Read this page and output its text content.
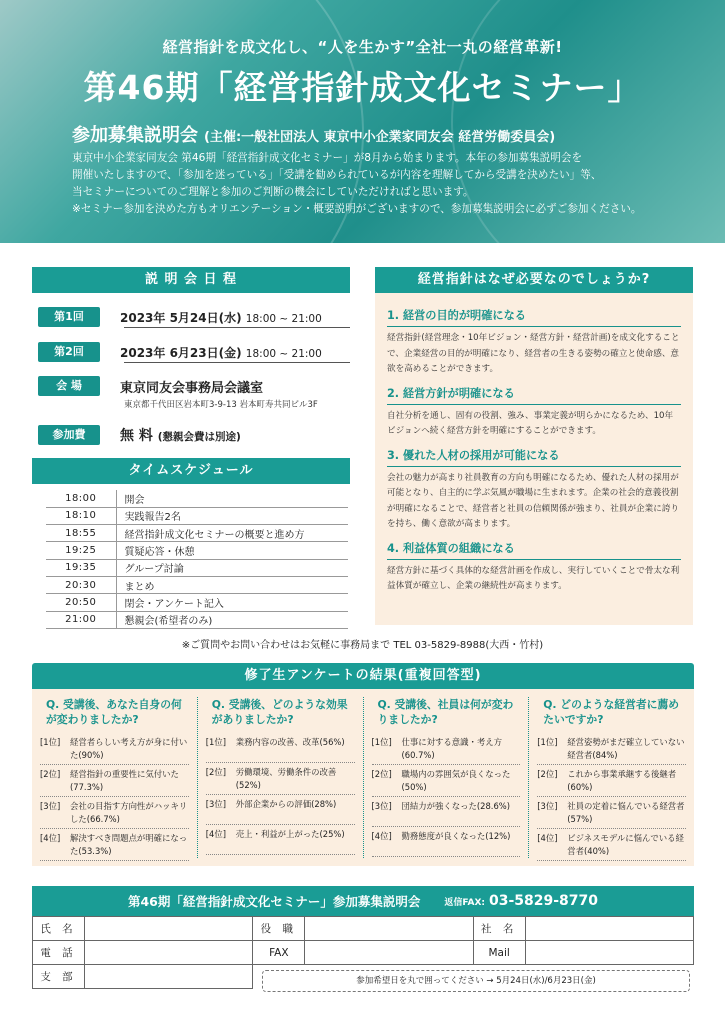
経営指針を成文化し、“人を生かす”全社一丸の経営革新!
第46期「経営指針成文化セミナー」
参加募集説明会 (主催:一般社団法人 東京中小企業家同友会 経営労働委員会)

東京中小企業家同友会 第46期「経営指針成文化セミナー」が8月から始まります。本年の参加募集説明会を

開催いたしますので、「参加を迷っている」「受講を勧められているが内容を理解してから受講を決めたい」等、

当セミナーについてのご理解と参加のご判断の機会にしていただければと思います。

※セミナー参加を決めた方もオリエンテーション・概要説明がございますので、参加募集説明会に必ずご参加ください。

説 明 会 日 程
第1回	2023年 5月24日(水) 18:00 ~ 21:00
第2回	2023年 6月23日(金) 18:00 ~ 21:00
会 場	東京同友会事務局会議室
東京都千代田区岩本町3-9-13 岩本町寿共同ビル3F
参加費	無 料 (懇親会費は別途)
タイムスケジュール
18:00	開会
18:10	実践報告2名
18:55	経営指針成文化セミナーの概要と進め方
19:25	質疑応答・休憩
19:35	グループ討論
20:30	まとめ
20:50	閉会・アンケート記入
21:00	懇親会(希望者のみ)
経営指針はなぜ必要なのでしょうか?
1. 経営の目的が明確になる

経営指針(経営理念・10年ビジョン・経営方針・経営計画)を成文化することで、企業経営の目的が明確になり、経営者の生きる姿勢の確立と使命感、意欲を高めることができます。

2. 経営方針が明確になる

自社分析を通し、固有の役割、強み、事業定義が明らかになるため、10年ビジョンへ続く経営方針を明確にすることができます。

3. 優れた人材の採用が可能になる

会社の魅力が高まり社員教育の方向も明確になるため、優れた人材の採用が可能となり、自主的に学ぶ気風が職場に生まれます。企業の社会的意義役割が明確になることで、経営者と社員の信頼関係が強まり、社員が企業に誇りを持ち、働く意欲が高まります。

4. 利益体質の組織になる

経営方針に基づく具体的な経営計画を作成し、実行していくことで骨太な利益体質が確立し、企業の継続性が高まります。

※ご質問やお問い合わせはお気軽に事務局まで TEL 03-5829-8988(大西・竹村)
修了生アンケートの結果(重複回答型)
Q. 受講後、あなた自身の何が変わりましたか?
[1位]	経営者らしい考え方が身に付いた(90%)
[2位]	経営指針の重要性に気付いた(77.3%)
[3位]	会社の目指す方向性がハッキリした(66.7%)
[4位]	解決すべき問題点が明確になった(53.3%)
Q. 受講後、どのような効果がありましたか?
[1位]	業務内容の改善、改革(56%)
[2位]	労働環境、労働条件の改善(52%)
[3位]	外部企業からの評価(28%)
[4位]	売上・利益が上がった(25%)
Q. 受講後、社員は何が変わりましたか?
[1位]	仕事に対する意識・考え方(60.7%)
[2位]	職場内の雰囲気が良くなった(50%)
[3位]	団結力が強くなった(28.6%)
[4位]	勤務態度が良くなった(12%)
Q. どのような経営者に薦めたいですか?
[1位]	経営姿勢がまだ確立していない経営者(84%)
[2位]	これから事業承継する後継者(60%)
[3位]	社員の定着に悩んでいる経営者(57%)
[4位]	ビジネスモデルに悩んでいる経営者(40%)
第46期「経営指針成文化セミナー」参加募集説明会	返信FAX: 03-5829-8770
氏 名		役 職		社 名	
電 話		FAX		Mail	
支 部						参加希望日を丸で囲ってください → 5月24日(水)/6月23日(金)
